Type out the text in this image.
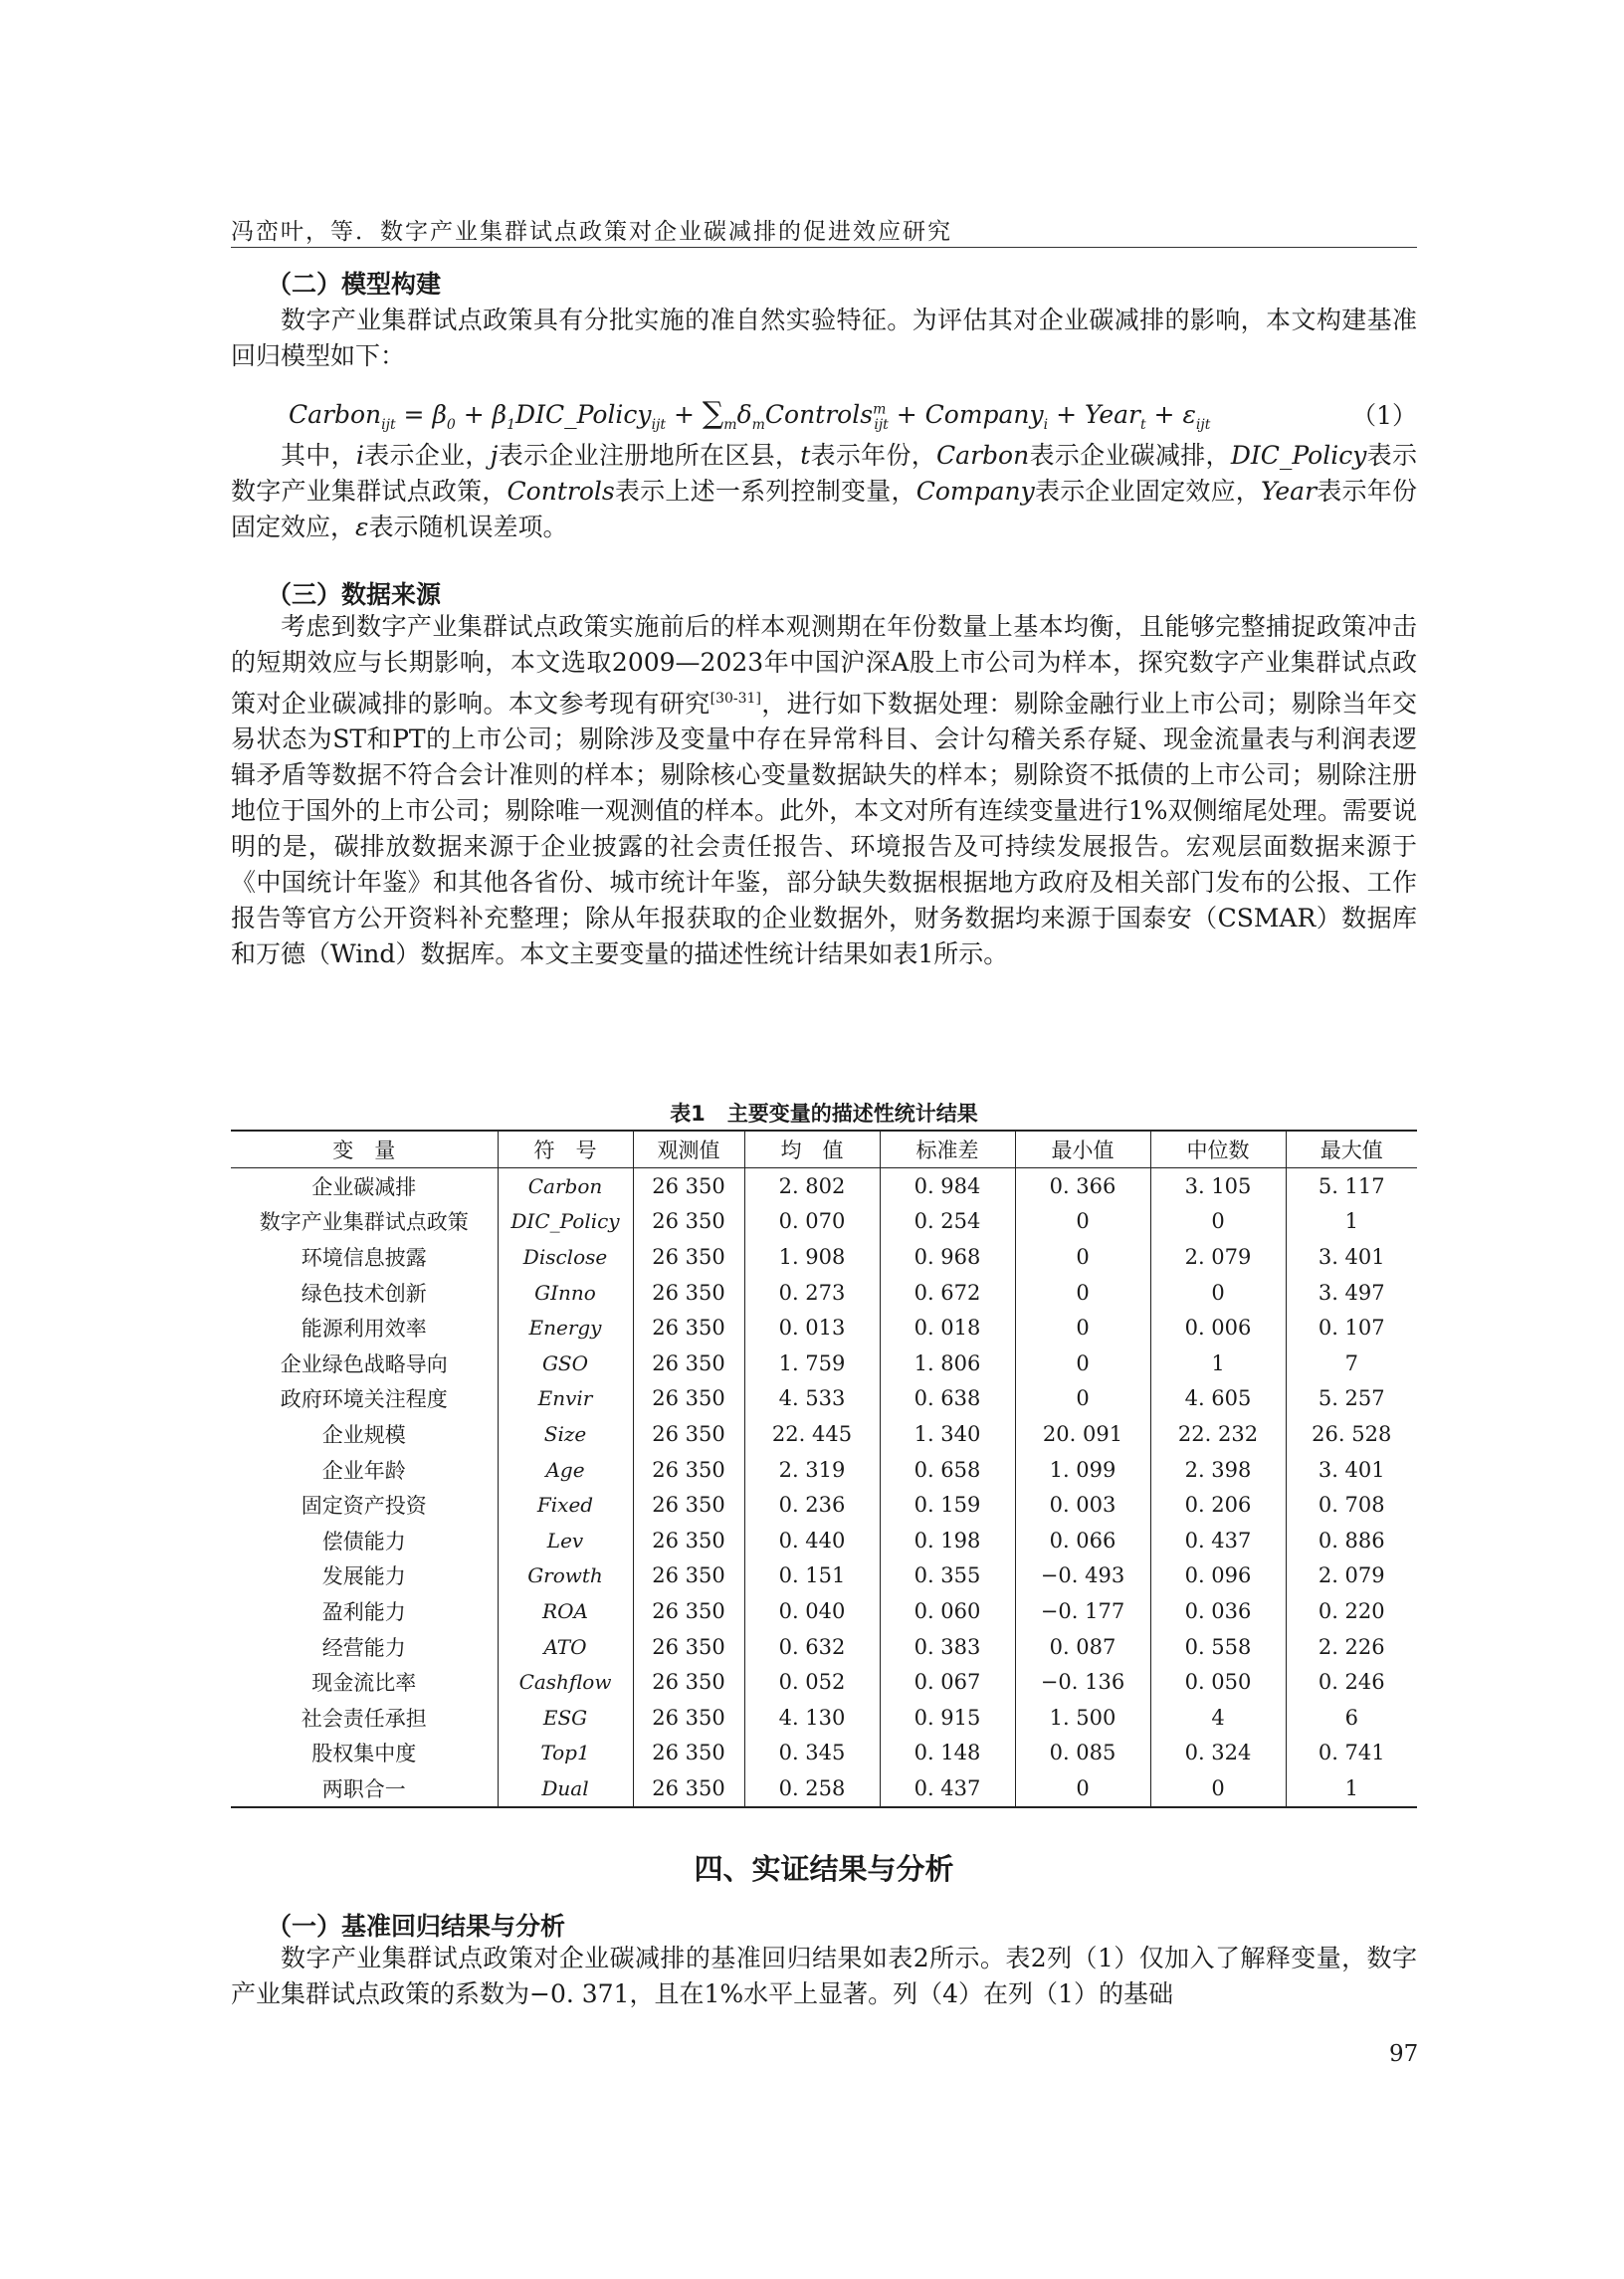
冯峦叶，等．数字产业集群试点政策对企业碳减排的促进效应研究
（二）模型构建

数字产业集群试点政策具有分批实施的准自然实验特征。为评估其对企业碳减排的影响，本文构建基准回归模型如下：

Carbon$_{ijt}$ = $\beta_0$ + $\beta_1DIC\_Policy_{ijt}$ + $\sum_m\delta_mControls^m_{ijt}$ + Company$_i$ + Year$_t$ + $\varepsilon_{ijt}$	（1）

其中，i表示企业，j表示企业注册地所在区县，t表示年份，Carbon表示企业碳减排，DIC_Policy表示数字产业集群试点政策，Controls表示上述一系列控制变量，Company表示企业固定效应，Year表示年份固定效应，ε表示随机误差项。

（三）数据来源

考虑到数字产业集群试点政策实施前后的样本观测期在年份数量上基本均衡，且能够完整捕捉政策冲击的短期效应与长期影响，本文选取2009—2023年中国沪深A股上市公司为样本，探究数字产业集群试点政策对企业碳减排的影响。本文参考现有研究[30-31]，进行如下数据处理：剔除金融行业上市公司；剔除当年交易状态为ST和PT的上市公司；剔除涉及变量中存在异常科目、会计勾稽关系存疑、现金流量表与利润表逻辑矛盾等数据不符合会计准则的样本；剔除核心变量数据缺失的样本；剔除资不抵债的上市公司；剔除注册地位于国外的上市公司；剔除唯一观测值的样本。此外，本文对所有连续变量进行1%双侧缩尾处理。需要说明的是，碳排放数据来源于企业披露的社会责任报告、环境报告及可持续发展报告。宏观层面数据来源于《中国统计年鉴》和其他各省份、城市统计年鉴，部分缺失数据根据地方政府及相关部门发布的公报、工作报告等官方公开资料补充整理；除从年报获取的企业数据外，财务数据均来源于国泰安（CSMAR）数据库和万德（Wind）数据库。本文主要变量的描述性统计结果如表1所示。

表1 主要变量的描述性统计结果
变　量	符　号	观测值	均　值	标准差	最小值	中位数	最大值
企业碳减排	Carbon	26 350	2. 802	0. 984	0. 366	3. 105	5. 117
数字产业集群试点政策	DIC_Policy	26 350	0. 070	0. 254	0	0	1
环境信息披露	Disclose	26 350	1. 908	0. 968	0	2. 079	3. 401
绿色技术创新	GInno	26 350	0. 273	0. 672	0	0	3. 497
能源利用效率	Energy	26 350	0. 013	0. 018	0	0. 006	0. 107
企业绿色战略导向	GSO	26 350	1. 759	1. 806	0	1	7
政府环境关注程度	Envir	26 350	4. 533	0. 638	0	4. 605	5. 257
企业规模	Size	26 350	22. 445	1. 340	20. 091	22. 232	26. 528
企业年龄	Age	26 350	2. 319	0. 658	1. 099	2. 398	3. 401
固定资产投资	Fixed	26 350	0. 236	0. 159	0. 003	0. 206	0. 708
偿债能力	Lev	26 350	0. 440	0. 198	0. 066	0. 437	0. 886
发展能力	Growth	26 350	0. 151	0. 355	−0. 493	0. 096	2. 079
盈利能力	ROA	26 350	0. 040	0. 060	−0. 177	0. 036	0. 220
经营能力	ATO	26 350	0. 632	0. 383	0. 087	0. 558	2. 226
现金流比率	Cashflow	26 350	0. 052	0. 067	−0. 136	0. 050	0. 246
社会责任承担	ESG	26 350	4. 130	0. 915	1. 500	4	6
股权集中度	Top1	26 350	0. 345	0. 148	0. 085	0. 324	0. 741
两职合一	Dual	26 350	0. 258	0. 437	0	0	1
四、实证结果与分析
（一）基准回归结果与分析

数字产业集群试点政策对企业碳减排的基准回归结果如表2所示。表2列（1）仅加入了解释变量，数字产业集群试点政策的系数为−0. 371，且在1%水平上显著。列（4）在列（1）的基础

97
